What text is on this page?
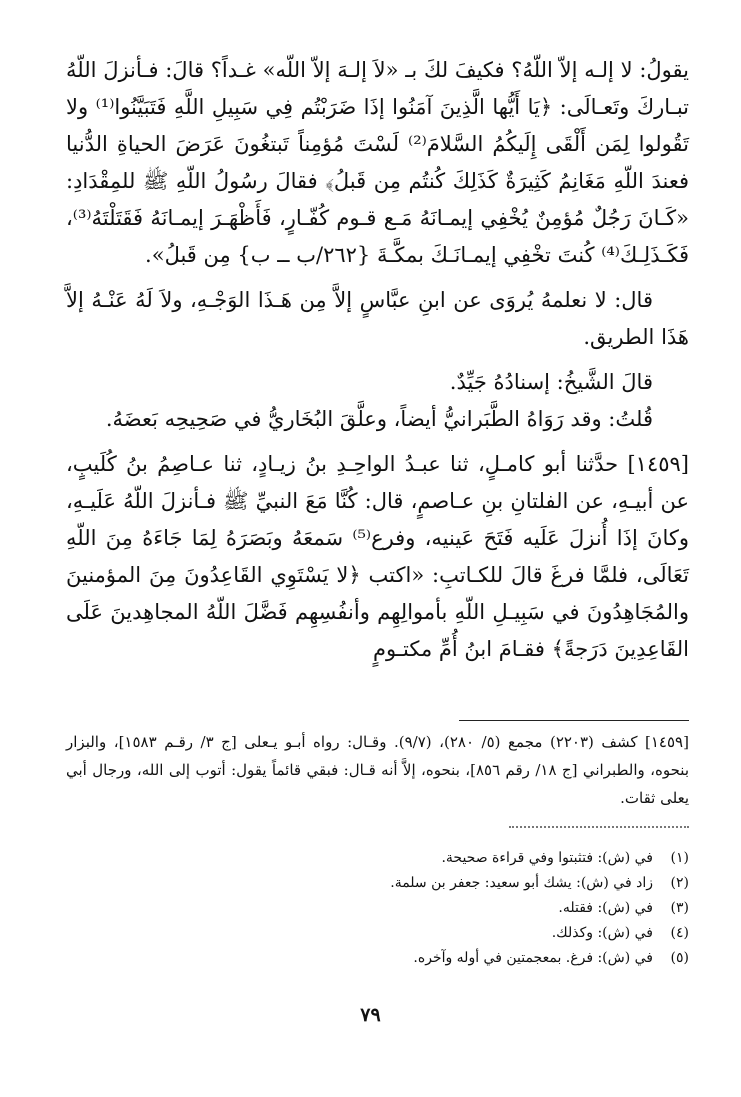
يقولُ: لا إلـه إلاّ اللّهُ؟ فكيفَ لكَ بـ «لاَ إلـهَ إلاّ اللّه» غـداً؟ قالَ: فـأنزلَ اللّهُ تبـاركَ وتَعـالَى: ﴿يَا أَيُّها الَّذِينَ آمَنُوا إذَا ضَرَبْتُم فِي سَبِيلِ اللَّهِ فَتَبَيَّنُوا⁽¹⁾ ولا تَقُولوا لِمَن أَلْقَى إِلَيكُمُ السَّلامَ⁽²⁾ لَسْتَ مُؤمِناً تَبتغُونَ عَرَضَ الحياةِ الدُّنيا فعندَ اللّهِ مَغَانِمُ كَثِيرَةٌ كَذَلِكَ كُنتُم مِن قَبلُ﴾ فقالَ رسُولُ اللّهِ ﷺ للمِقْدَادِ: «كَـانَ رَجُلٌ مُؤمِنٌ يُخْفِي إيمـانَهُ مَـع قـوم كُفّـارٍ، فَأَظْهَـرَ إيمـانَهُ فَقَتَلْتَهُ⁽³⁾، فَكَـذَلِـكَ⁽⁴⁾ كُنتَ تخْفِي إيمـانَـكَ بمكَّـةَ {٢٦٢/ب ــ ب} مِن قَبلُ».

قال: لا نعلمهُ يُروَى عن ابنِ عبَّاسٍ إلاَّ مِن هَـذَا الوَجْـهِ، ولاَ لَهُ عَنْـهُ إلاَّ هَذَا الطريق.

قالَ الشَّيخُ: إسنادُهُ جَيِّدٌ.

قُلتُ: وقد رَوَاهُ الطَّبَرانيُّ أيضاً، وعلَّقَ البُخَاريُّ في صَحِيحِه بَعضَهُ.

[١٤٥٩] حدَّثنا أبو كامـلٍ، ثنا عبـدُ الواحِـدِ بنُ زيـادٍ، ثنا عـاصِمُ بنُ كُلَيبٍ، عن أبيـهِ، عن الفلتانِ بنِ عـاصمٍ، قال: كُنَّا مَعَ النبيِّ ﷺ فـأنزلَ اللّهُ عَلَيـهِ، وكانَ إذَا أُنزلَ عَلَيه فَتَحَ عَينيه، وفرع⁽⁵⁾ سَمعَهُ وبَصَرَهُ لِمَا جَاءَهُ مِنَ اللّهِ تَعَالَى، فلمَّا فرغَ قالَ للكـاتبِ: «اكتب ﴿لا يَسْتَوِي القَاعِدُونَ مِنَ المؤمنينَ والمُجَاهِدُونَ في سَبِيـلِ اللّهِ بأموالِهِم وأنفُسِهِم فَضَّلَ اللّهُ المجاهِدينَ عَلَى القَاعِدِينَ دَرَجةً﴾ فقـامَ ابنُ أُمِّ مكتـومٍ

[١٤٥٩] كشف (٢٢٠٣) مجمع (٥/ ٢٨٠)، (٩/٧). وقـال: رواه أبـو يـعلى [ج ٣/ رقـم ١٥٨٣]، والبزار بنحوه، والطبراني [ج ١٨/ رقم ٨٥٦]، بنحوه، إلاَّ أنه قـال: فبقي قائماً يقول: أتوب إلى الله، ورجال أبي يعلى ثقات.

(١)
في (ش): فتثبتوا وفي قراءة صحيحة.
(٢)
زاد في (ش): يشك أبو سعيد: جعفر بن سلمة.
(٣)
في (ش): فقتله.
(٤)
في (ش): وكذلك.
(٥)
في (ش): فرغ. بمعجمتين في أوله وآخره.
٧٩
